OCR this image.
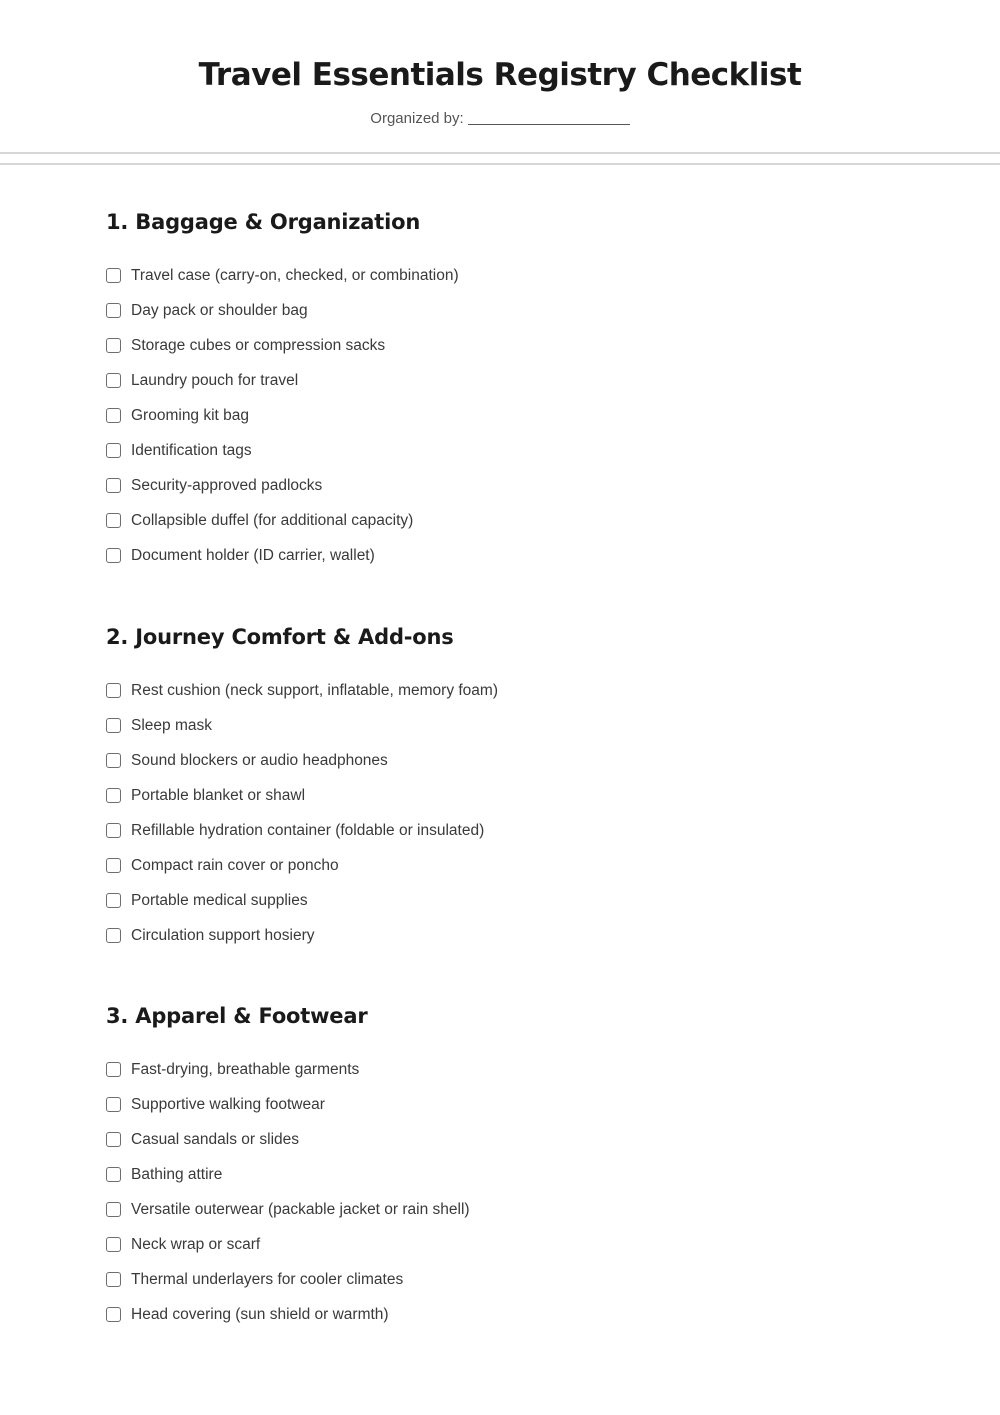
Travel Essentials Registry Checklist
Organized by:
1. Baggage & Organization
Travel case (carry-on, checked, or combination)
Day pack or shoulder bag
Storage cubes or compression sacks
Laundry pouch for travel
Grooming kit bag
Identification tags
Security-approved padlocks
Collapsible duffel (for additional capacity)
Document holder (ID carrier, wallet)
2. Journey Comfort & Add-ons
Rest cushion (neck support, inflatable, memory foam)
Sleep mask
Sound blockers or audio headphones
Portable blanket or shawl
Refillable hydration container (foldable or insulated)
Compact rain cover or poncho
Portable medical supplies
Circulation support hosiery
3. Apparel & Footwear
Fast-drying, breathable garments
Supportive walking footwear
Casual sandals or slides
Bathing attire
Versatile outerwear (packable jacket or rain shell)
Neck wrap or scarf
Thermal underlayers for cooler climates
Head covering (sun shield or warmth)
